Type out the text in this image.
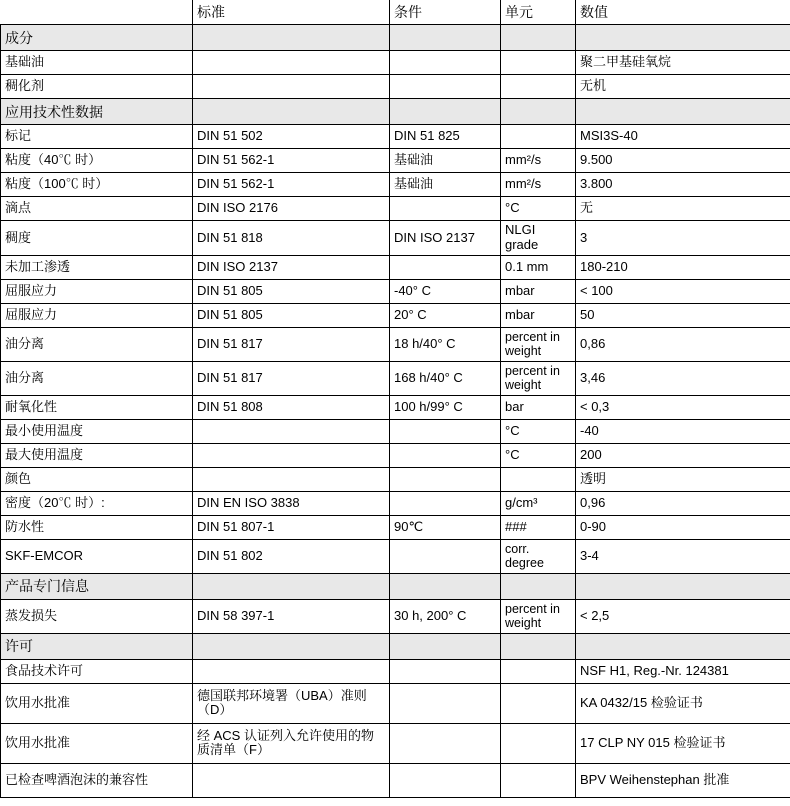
	标准	条件	单元	数值
成分				
基础油				聚二甲基硅氧烷
稠化剂				无机
应用技术性数据				
标记	DIN 51 502	DIN 51 825		MSI3S-40
粘度（40℃ 时）	DIN 51 562-1	基础油	mm²/s	9.500
粘度（100℃ 时）	DIN 51 562-1	基础油	mm²/s	3.800
滴点	DIN ISO 2176		°C	无
稠度	DIN 51 818	DIN ISO 2137	NLGI grade	3
未加工渗透	DIN ISO 2137		0.1 mm	180-210
屈服应力	DIN 51 805	-40° C	mbar	< 100
屈服应力	DIN 51 805	20° C	mbar	50
油分离	DIN 51 817	18 h/40° C	percent in weight	0,86
油分离	DIN 51 817	168 h/40° C	percent in weight	3,46
耐氧化性	DIN 51 808	100 h/99° C	bar	< 0,3
最小使用温度			°C	-40
最大使用温度			°C	200
颜色				透明
密度（20℃ 时）:	DIN EN ISO 3838		g/cm³	0,96
防水性	DIN 51 807-1	90℃	###	0-90
SKF-EMCOR	DIN 51 802		corr. degree	3-4
产品专门信息				
蒸发损失	DIN 58 397-1	30 h, 200° C	percent in weight	< 2,5
许可				
食品技术许可				NSF H1, Reg.-Nr. 124381
饮用水批准	德国联邦环境署（UBA）准则（D）			KA 0432/15 检验证书
饮用水批准	经 ACS 认证列入允许使用的物质清单（F）			17 CLP NY 015 检验证书
已检查啤酒泡沫的兼容性				BPV Weihenstephan 批准
